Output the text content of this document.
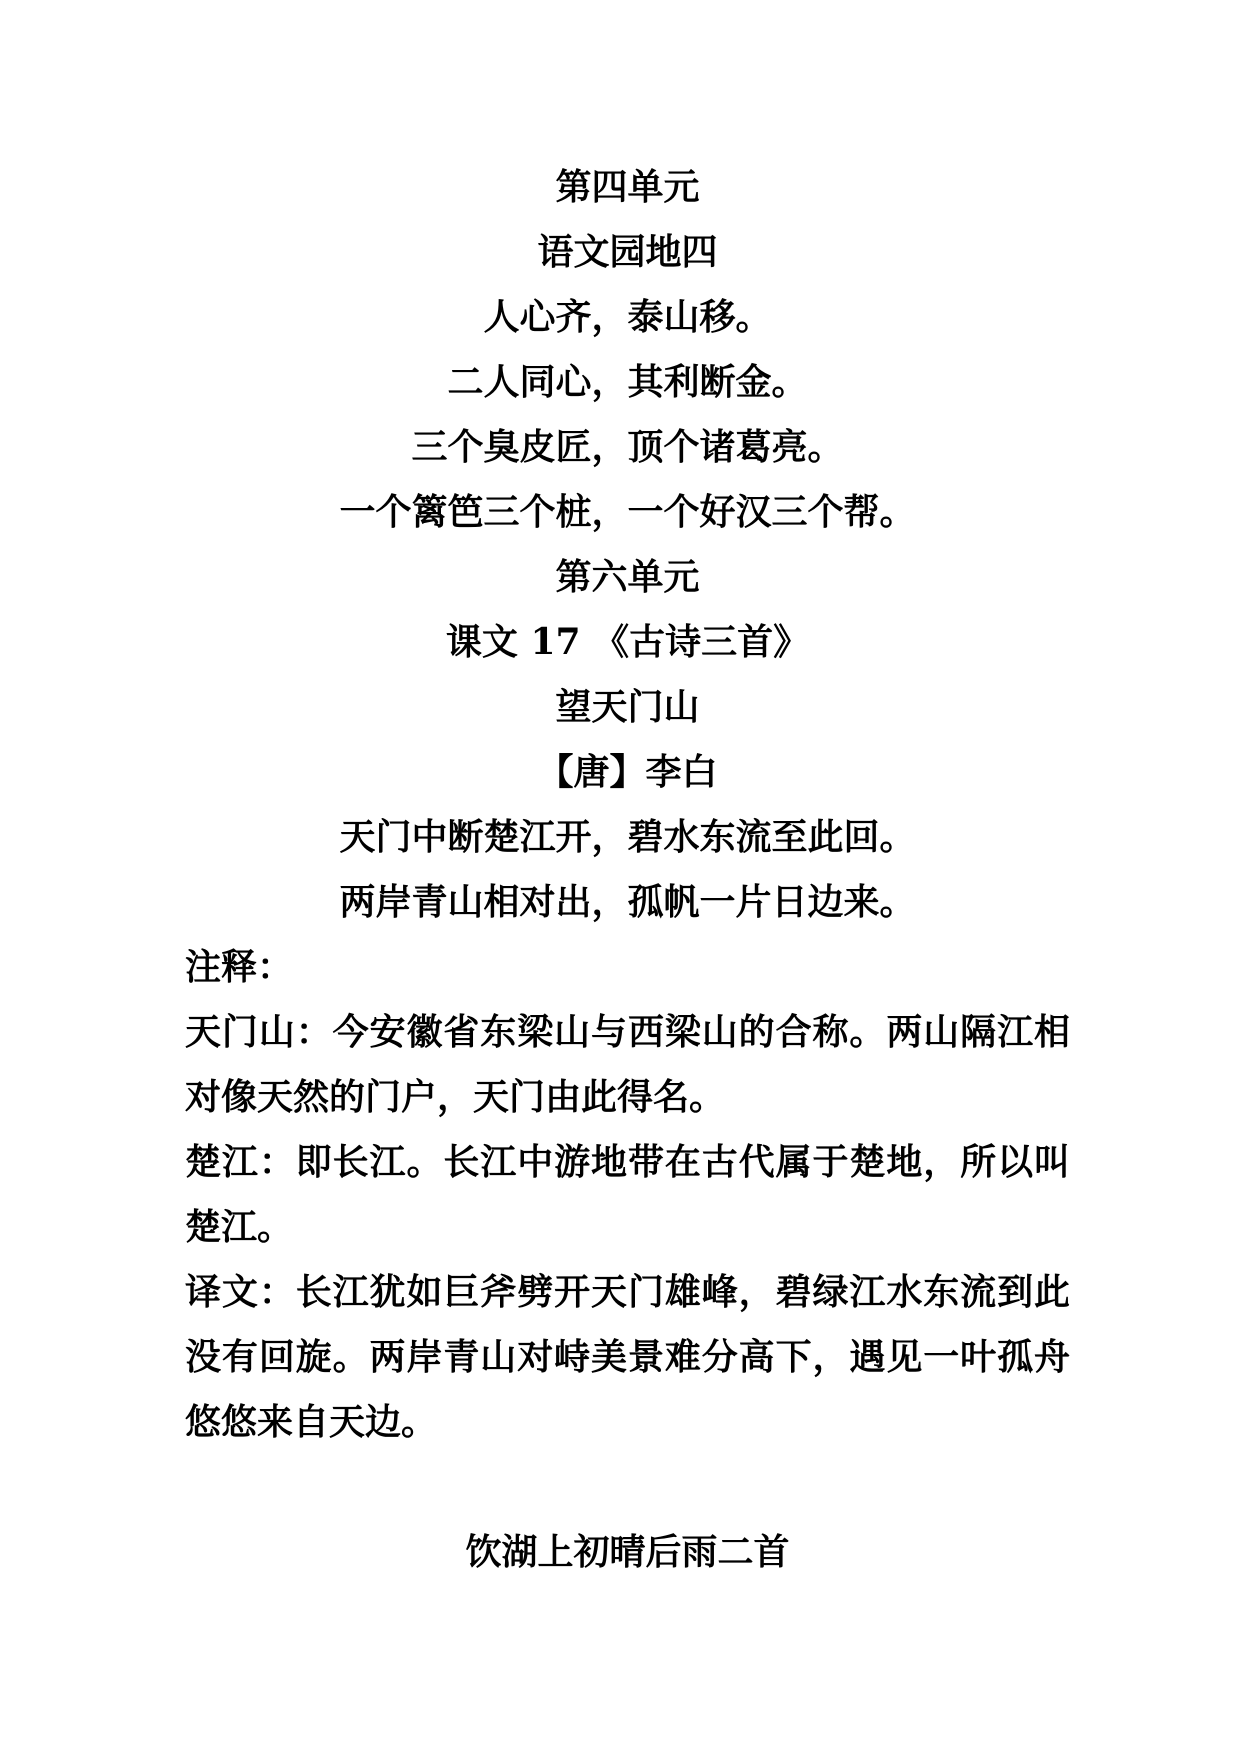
第四单元
语文园地四
人心齐，泰山移。
二人同心，其利断金。
三个臭皮匠，顶个诸葛亮。
一个篱笆三个桩，一个好汉三个帮。
第六单元
课文 17 《古诗三首》
望天门山
【唐】李白
天门中断楚江开，碧水东流至此回。
两岸青山相对出，孤帆一片日边来。
注释：
天门山：今安徽省东梁山与西梁山的合称。两山隔江相对像天然的门户，天门由此得名。
楚江：即长江。长江中游地带在古代属于楚地，所以叫楚江。
译文：长江犹如巨斧劈开天门雄峰，碧绿江水东流到此没有回旋。两岸青山对峙美景难分高下，遇见一叶孤舟悠悠来自天边。
饮湖上初晴后雨二首
